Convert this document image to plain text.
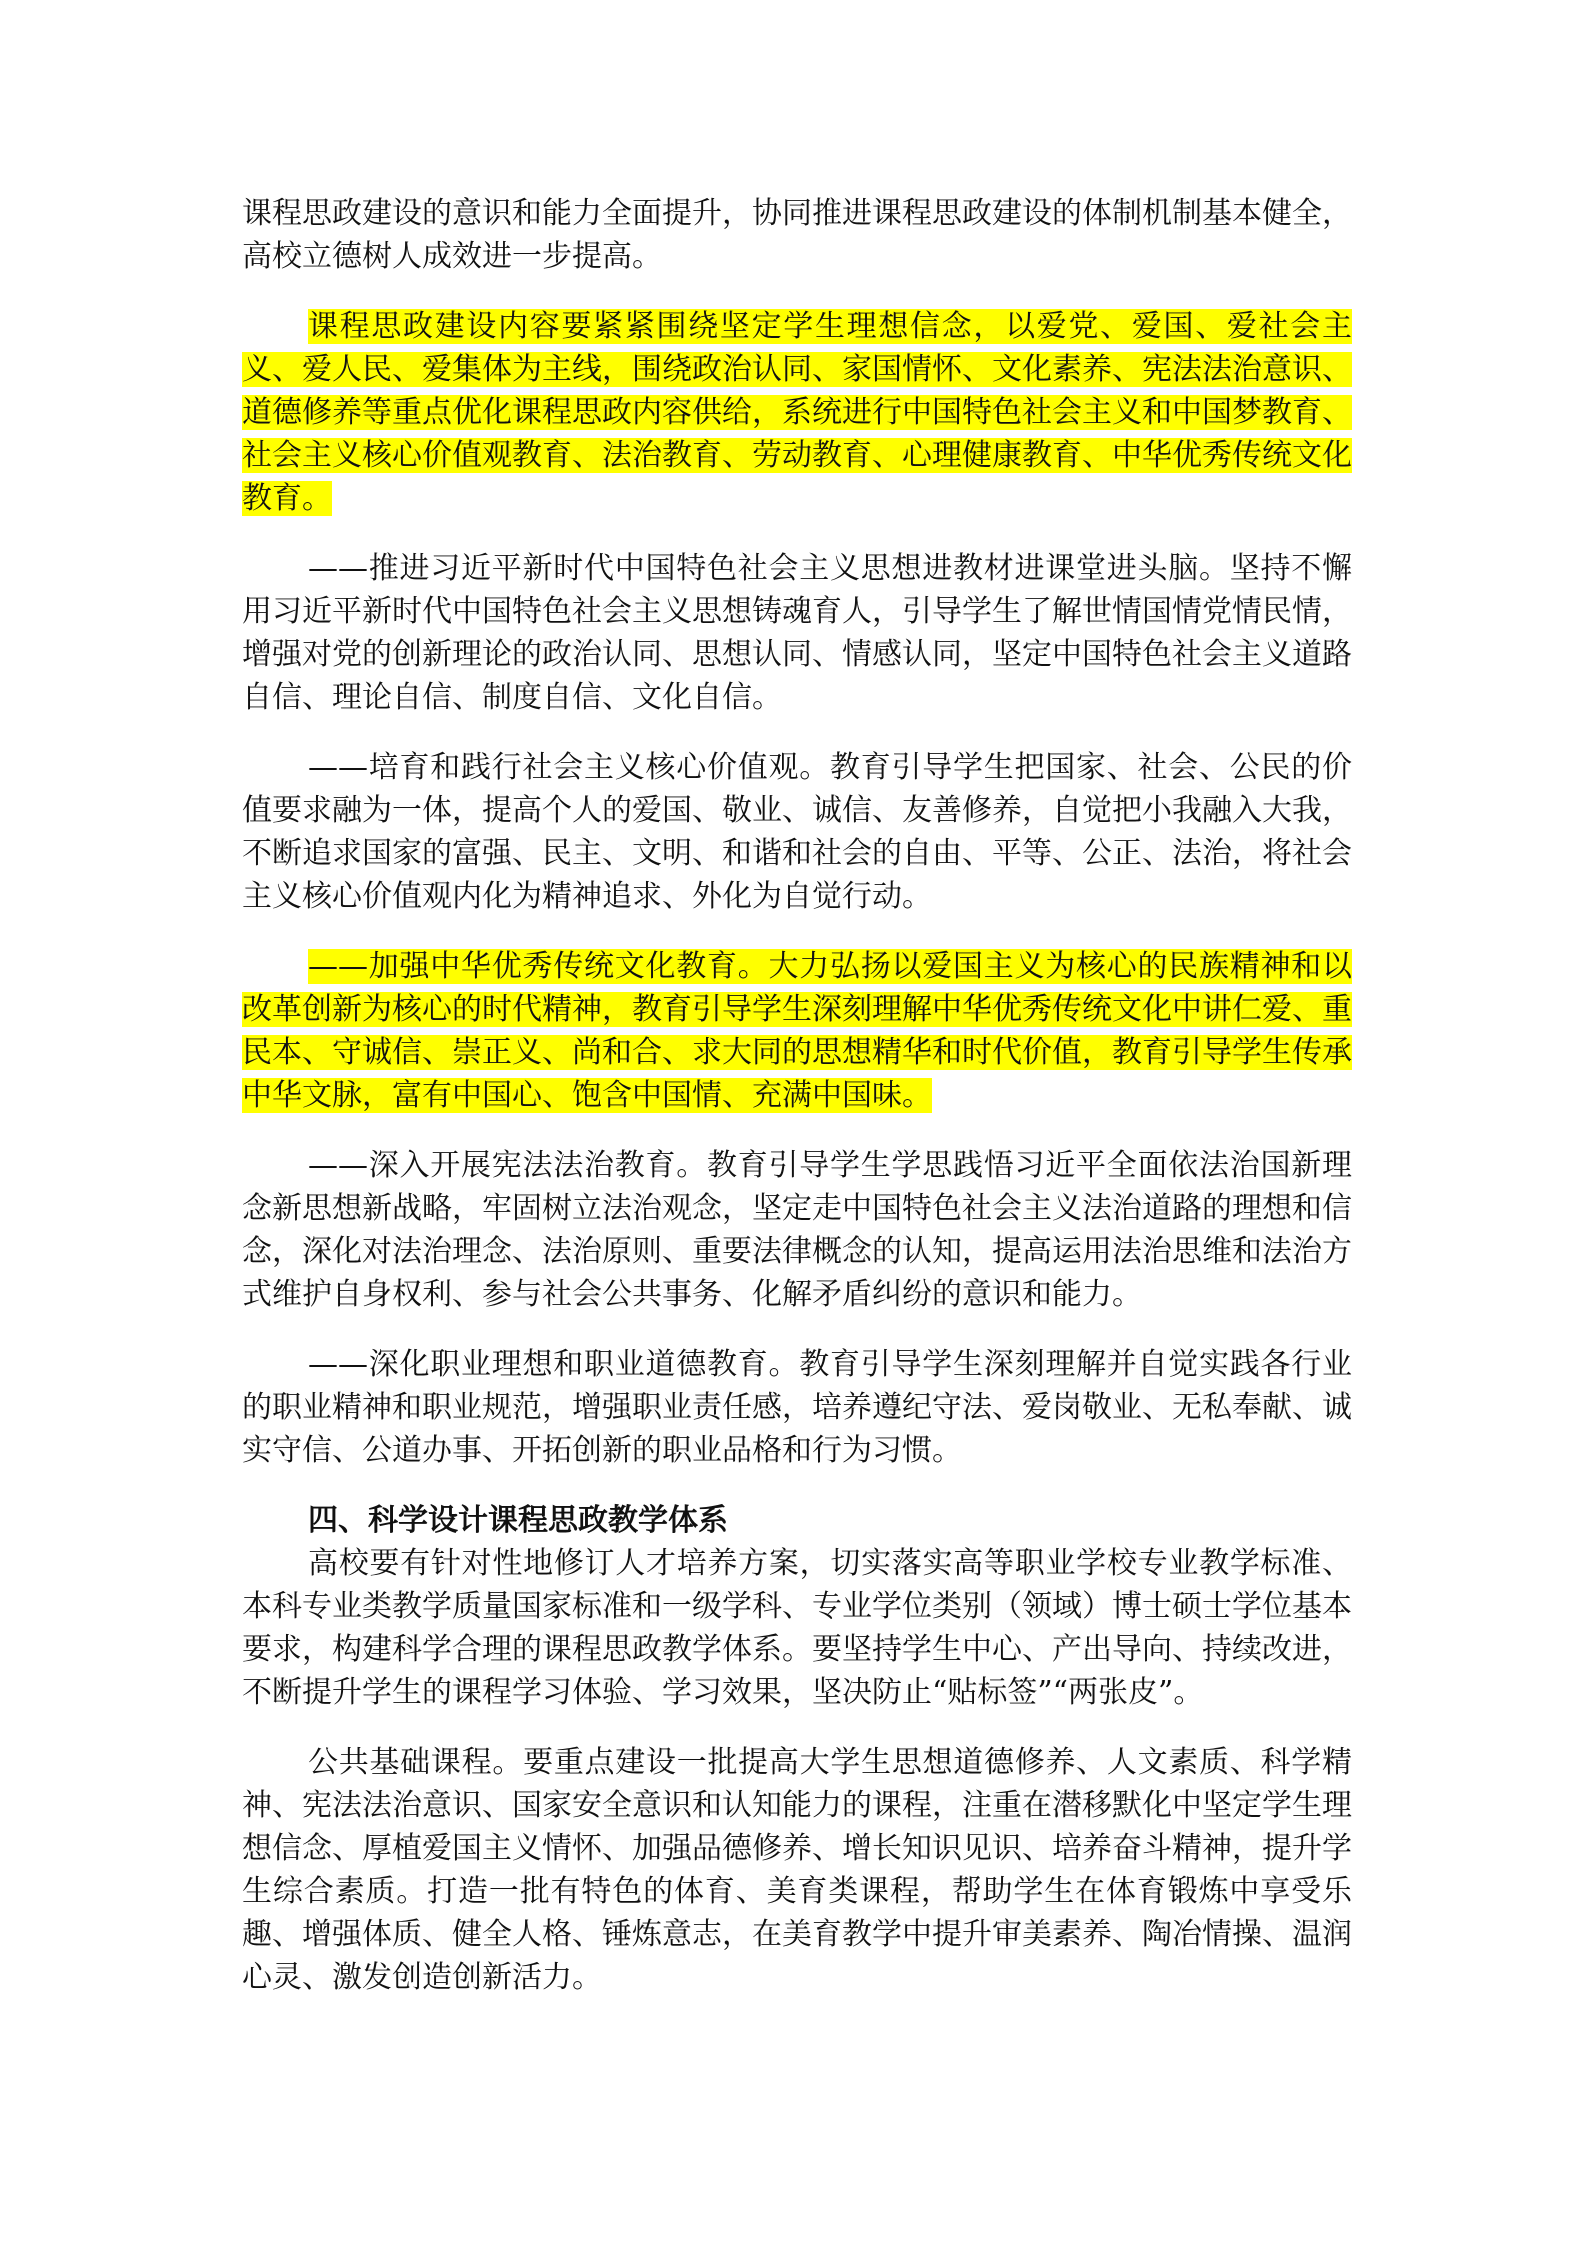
课程思政建设的意识和能力全面提升，协同推进课程思政建设的体制机制基本健全，高校立德树人成效进一步提高。

课程思政建设内容要紧紧围绕坚定学生理想信念，以爱党、爱国、爱社会主义、爱人民、爱集体为主线，围绕政治认同、家国情怀、文化素养、宪法法治意识、道德修养等重点优化课程思政内容供给，系统进行中国特色社会主义和中国梦教育、社会主义核心价值观教育、法治教育、劳动教育、心理健康教育、中华优秀传统文化教育。

——推进习近平新时代中国特色社会主义思想进教材进课堂进头脑。坚持不懈用习近平新时代中国特色社会主义思想铸魂育人，引导学生了解世情国情党情民情，增强对党的创新理论的政治认同、思想认同、情感认同，坚定中国特色社会主义道路自信、理论自信、制度自信、文化自信。

——培育和践行社会主义核心价值观。教育引导学生把国家、社会、公民的价值要求融为一体，提高个人的爱国、敬业、诚信、友善修养，自觉把小我融入大我，不断追求国家的富强、民主、文明、和谐和社会的自由、平等、公正、法治，将社会主义核心价值观内化为精神追求、外化为自觉行动。

——加强中华优秀传统文化教育。大力弘扬以爱国主义为核心的民族精神和以改革创新为核心的时代精神，教育引导学生深刻理解中华优秀传统文化中讲仁爱、重民本、守诚信、崇正义、尚和合、求大同的思想精华和时代价值，教育引导学生传承中华文脉，富有中国心、饱含中国情、充满中国味。

——深入开展宪法法治教育。教育引导学生学思践悟习近平全面依法治国新理念新思想新战略，牢固树立法治观念，坚定走中国特色社会主义法治道路的理想和信念，深化对法治理念、法治原则、重要法律概念的认知，提高运用法治思维和法治方式维护自身权利、参与社会公共事务、化解矛盾纠纷的意识和能力。

——深化职业理想和职业道德教育。教育引导学生深刻理解并自觉实践各行业的职业精神和职业规范，增强职业责任感，培养遵纪守法、爱岗敬业、无私奉献、诚实守信、公道办事、开拓创新的职业品格和行为习惯。

四、科学设计课程思政教学体系

高校要有针对性地修订人才培养方案，切实落实高等职业学校专业教学标准、本科专业类教学质量国家标准和一级学科、专业学位类别（领域）博士硕士学位基本要求，构建科学合理的课程思政教学体系。要坚持学生中心、产出导向、持续改进，不断提升学生的课程学习体验、学习效果，坚决防止“贴标签”“两张皮”。

公共基础课程。要重点建设一批提高大学生思想道德修养、人文素质、科学精神、宪法法治意识、国家安全意识和认知能力的课程，注重在潜移默化中坚定学生理想信念、厚植爱国主义情怀、加强品德修养、增长知识见识、培养奋斗精神，提升学生综合素质。打造一批有特色的体育、美育类课程，帮助学生在体育锻炼中享受乐趣、增强体质、健全人格、锤炼意志，在美育教学中提升审美素养、陶冶情操、温润心灵、激发创造创新活力。
